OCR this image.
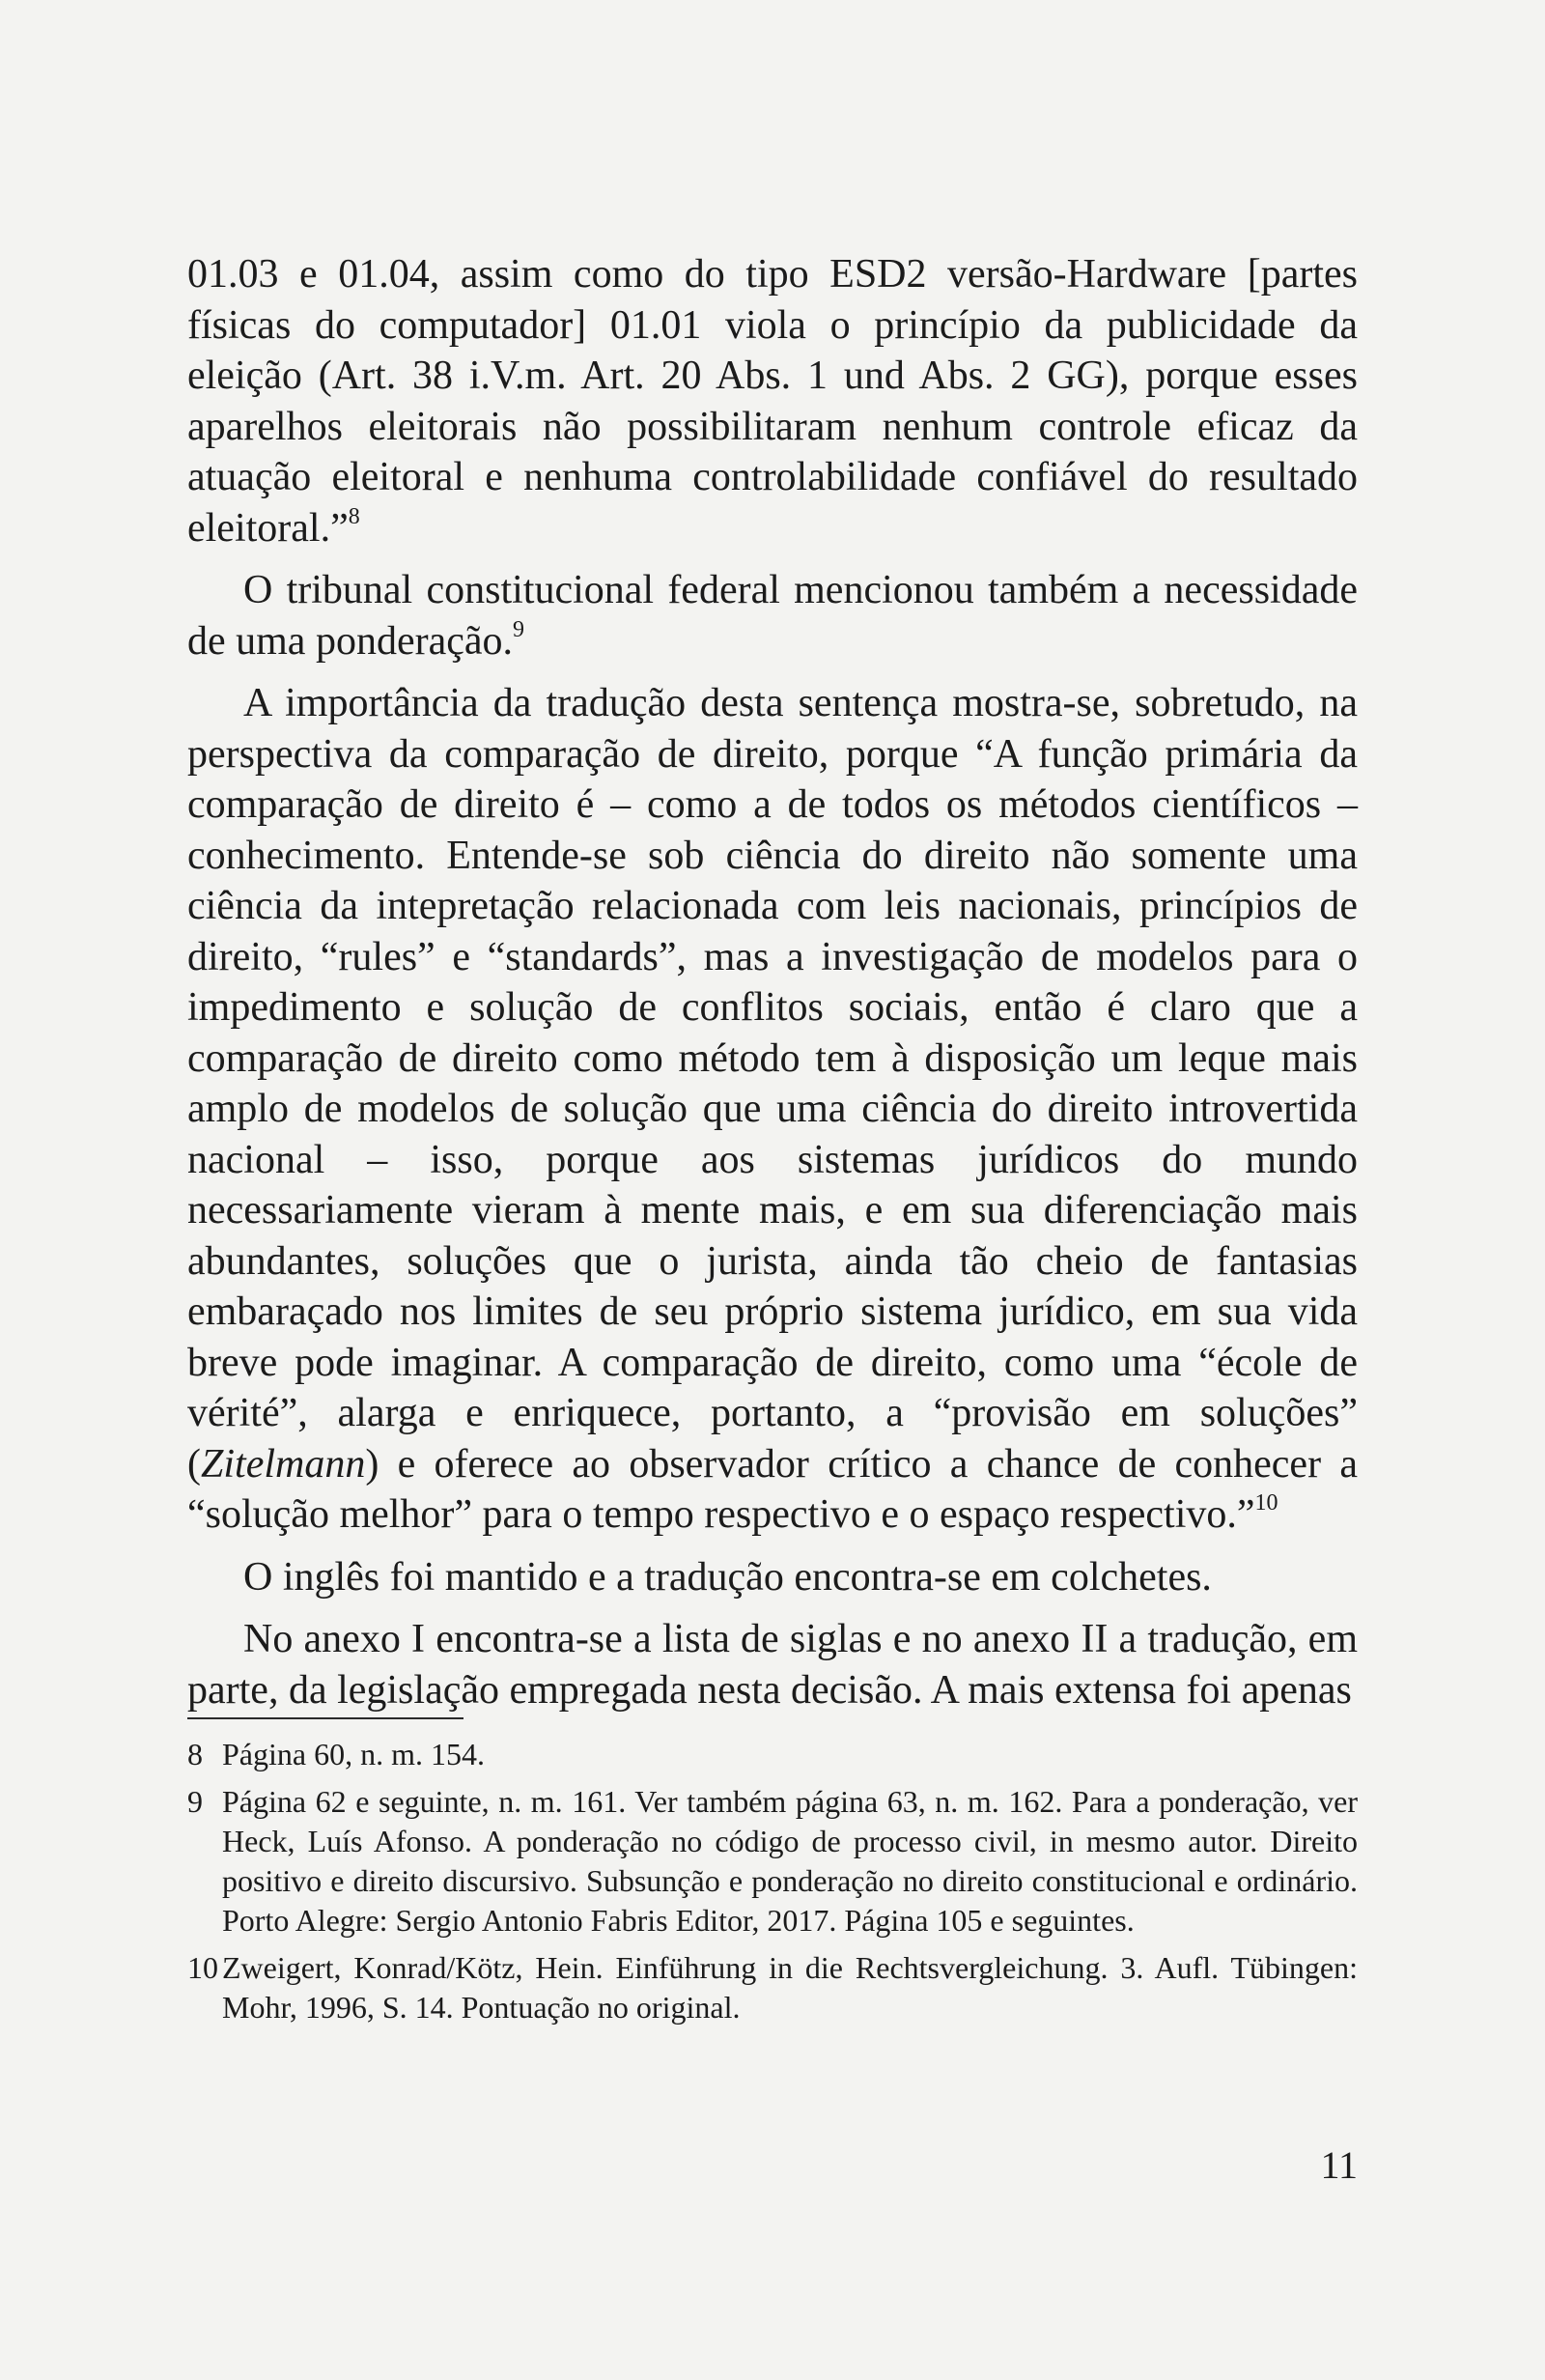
01.03 e 01.04, assim como do tipo ESD2 versão-Hardware [partes físicas do computador] 01.01 viola o princípio da publicidade da eleição (Art. 38 i.V.m. Art. 20 Abs. 1 und Abs. 2 GG), porque esses aparelhos eleitorais não possibilitaram nenhum controle eficaz da atuação eleitoral e nenhuma controlabilidade confiável do resultado eleitoral.”$^8$

O tribunal constitucional federal mencionou também a necessidade de uma ponderação.$^9$

A importância da tradução desta sentença mostra-se, sobretudo, na perspectiva da comparação de direito, porque “A função primária da comparação de direito é – como a de todos os métodos científicos – conhecimento. Entende-se sob ciência do direito não somente uma ciência da intepretação relacionada com leis nacionais, princípios de direito, “rules” e “standards”, mas a investigação de modelos para o impedimento e solução de conflitos sociais, então é claro que a comparação de direito como método tem à disposição um leque mais amplo de modelos de solução que uma ciência do direito introvertida nacional – isso, porque aos sistemas jurídicos do mundo necessariamente vieram à mente mais, e em sua diferenciação mais abundantes, soluções que o jurista, ainda tão cheio de fantasias embaraçado nos limites de seu próprio sistema jurídico, em sua vida breve pode imaginar. A comparação de direito, como uma “école de vérité”, alarga e enriquece, portanto, a “provisão em soluções” (Zitelmann) e oferece ao observador crítico a chance de conhecer a “solução melhor” para o tempo respectivo e o espaço respectivo.”$^{10}$

O inglês foi mantido e a tradução encontra-se em colchetes.

No anexo I encontra-se a lista de siglas e no anexo II a tradução, em parte, da legislação empregada nesta decisão. A mais extensa foi apenas

8 Página 60, n. m. 154.
9 Página 62 e seguinte, n. m. 161. Ver também página 63, n. m. 162. Para a ponderação, ver Heck, Luís Afonso. A ponderação no código de processo civil, in mesmo autor. Direito positivo e direito discursivo. Subsunção e ponderação no direito constitucional e ordinário. Porto Alegre: Sergio Antonio Fabris Editor, 2017. Página 105 e seguintes.
10 Zweigert, Konrad/Kötz, Hein. Einführung in die Rechtsvergleichung. 3. Aufl. Tübingen: Mohr, 1996, S. 14. Pontuação no original.
11
